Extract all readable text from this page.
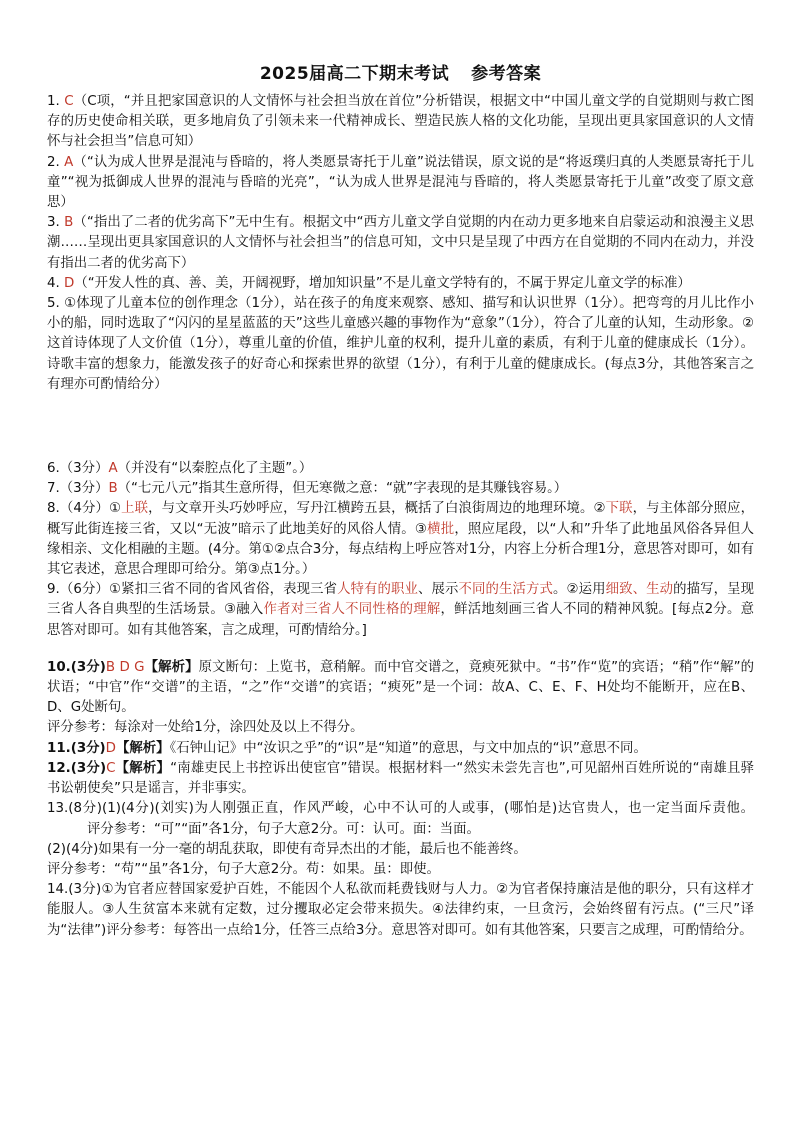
2025届高二下期末考试 参考答案

1. C（C项，“并且把家国意识的人文情怀与社会担当放在首位”分析错误，根据文中“中国儿童文学的自觉期则与救亡图存的历史使命相关联，更多地肩负了引领未来一代精神成长、塑造民族人格的文化功能，呈现出更具家国意识的人文情怀与社会担当”信息可知）

2. A（“认为成人世界是混沌与昏暗的，将人类愿景寄托于儿童”说法错误，原文说的是“将返璞归真的人类愿景寄托于儿童”“视为抵御成人世界的混沌与昏暗的光亮”，“认为成人世界是混沌与昏暗的，将人类愿景寄托于儿童”改变了原文意思）

3. B（“指出了二者的优劣高下”无中生有。根据文中“西方儿童文学自觉期的内在动力更多地来自启蒙运动和浪漫主义思潮……呈现出更具家国意识的人文情怀与社会担当”的信息可知，文中只是呈现了中西方在自觉期的不同内在动力，并没有指出二者的优劣高下）

4. D（“开发人性的真、善、美，开阔视野，增加知识量”不是儿童文学特有的，不属于界定儿童文学的标准）

5. ①体现了儿童本位的创作理念（1分），站在孩子的角度来观察、感知、描写和认识世界（1分）。把弯弯的月儿比作小小的船，同时选取了“闪闪的星星蓝蓝的天”这些儿童感兴趣的事物作为“意象”（1分），符合了儿童的认知，生动形象。②这首诗体现了人文价值（1分），尊重儿童的价值，维护儿童的权利，提升儿童的素质，有利于儿童的健康成长（1分）。诗歌丰富的想象力，能激发孩子的好奇心和探索世界的欲望（1分），有利于儿童的健康成长。(每点3分，其他答案言之有理亦可酌情给分）

6.（3分）A（并没有“以秦腔点化了主题”。）

7.（3分）B（“七元八元”指其生意所得，但无寒微之意：“就”字表现的是其赚钱容易。）

8.（4分）①上联，与文章开头巧妙呼应，写丹江横跨五县，概括了白浪街周边的地理环境。②下联，与主体部分照应，概写此街连接三省，又以“无波”暗示了此地美好的风俗人情。③横批，照应尾段，以“人和”升华了此地虽风俗各异但人缘相亲、文化相融的主题。(4分。第①②点合3分，每点结构上呼应答对1分，内容上分析合理1分，意思答对即可，如有其它表述，意思合理即可给分。第③点1分。）

9.（6分）①紧扣三省不同的省风省俗，表现三省人特有的职业、展示不同的生活方式。②运用细致、生动的描写，呈现三省人各自典型的生活场景。③融入作者对三省人不同性格的理解，鲜活地刻画三省人不同的精神风貌。[每点2分。意思答对即可。如有其他答案，言之成理，可酌情给分。]

10.(3分)B D G【解析】原文断句：上览书，意稍解。而中官交谱之，竟瘐死狱中。“书”作“览”的宾语；“稍”作“解”的状语；“中官”作“交谱”的主语，“之”作“交谱”的宾语；“瘐死”是一个词：故A、C、E、F、H处均不能断开，应在B、D、G处断句。

评分参考：每涂对一处给1分，涂四处及以上不得分。

11.(3分)D【解析】《石钟山记》中“汝识之乎”的“识”是“知道”的意思，与文中加点的“识”意思不同。

12.(3分)C【解析】“南雄吏民上书控诉出使宦官”错误。根据材料一“然实未尝先言也”,可见韶州百姓所说的“南雄且驿书讼朝使矣”只是谣言，并非事实。

13.(8分)(1)(4分)(刘实)为人刚强正直，作风严峻，心中不认可的人或事，(哪怕是)达官贵人，也一定当面斥责他。评分参考：“可”“面”各1分，句子大意2分。可：认可。面：当面。

(2)(4分)如果有一分一毫的胡乱获取，即使有奇异杰出的才能，最后也不能善终。

评分参考：“苟”“虽”各1分，句子大意2分。苟：如果。虽：即使。

14.(3分)①为官者应替国家爱护百姓，不能因个人私欲而耗费钱财与人力。②为官者保持廉洁是他的职分，只有这样才能服人。③人生贫富本来就有定数，过分攫取必定会带来损失。④法律约束，一旦贪污，会始终留有污点。(“三尺”译为“法律”)评分参考：每答出一点给1分，任答三点给3分。意思答对即可。如有其他答案，只要言之成理，可酌情给分。
